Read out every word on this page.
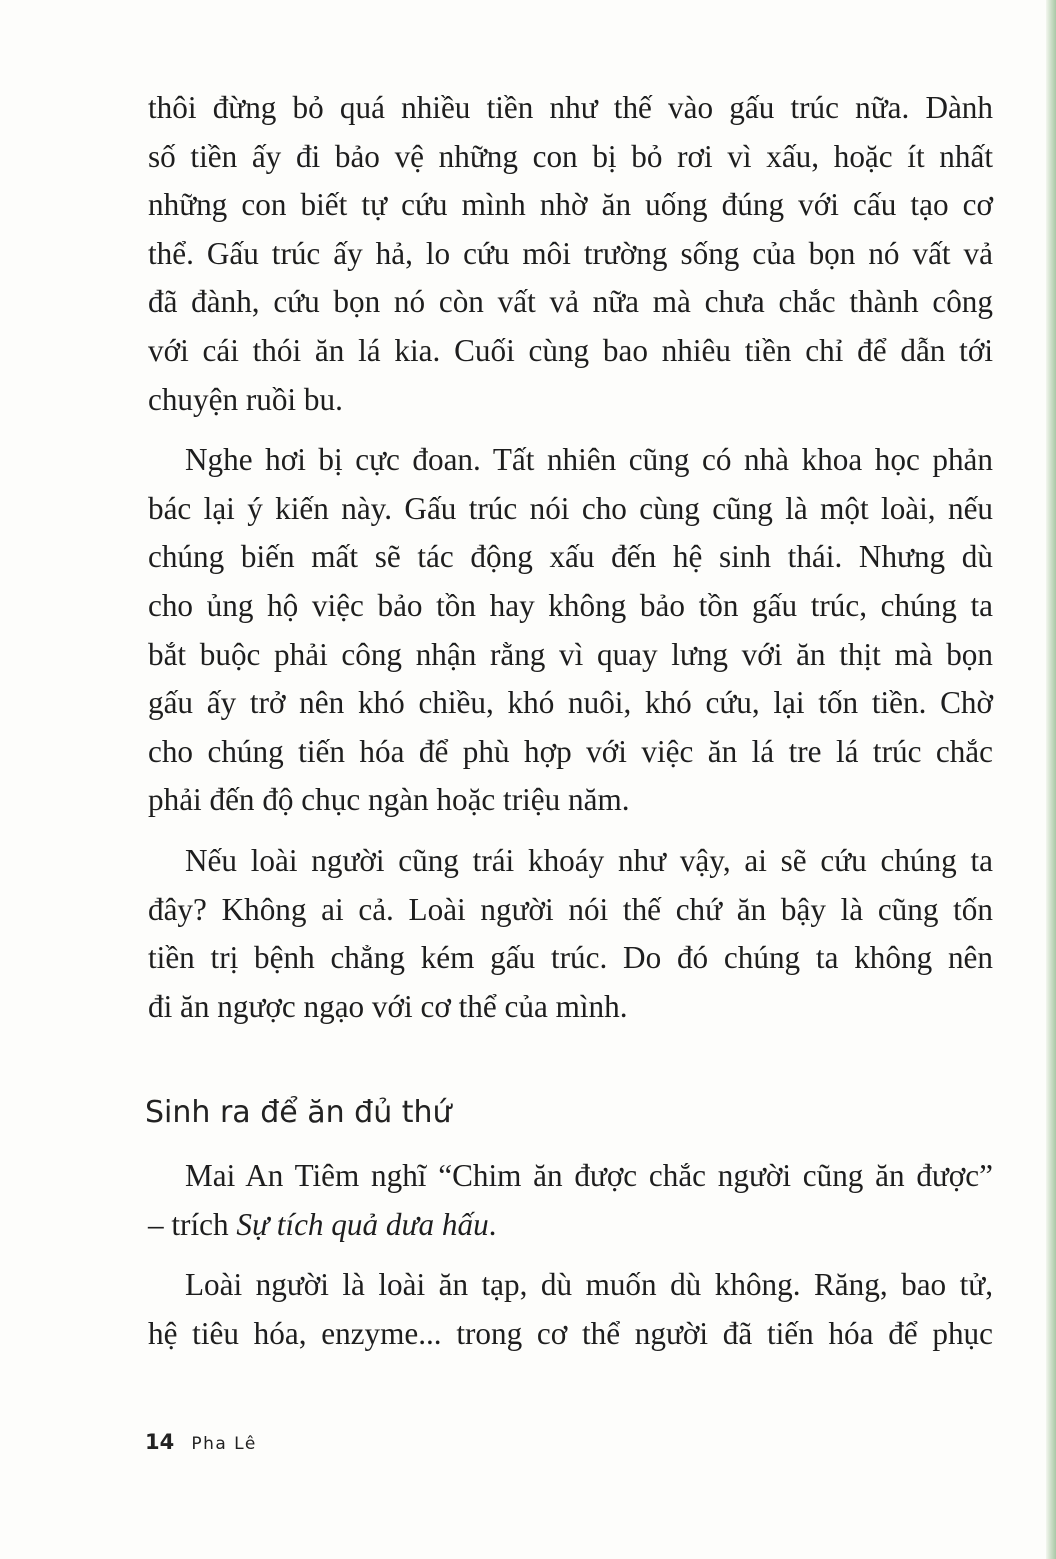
thôi đừng bỏ quá nhiều tiền như thế vào gấu trúc nữa. Dành
số tiền ấy đi bảo vệ những con bị bỏ rơi vì xấu, hoặc ít nhất
những con biết tự cứu mình nhờ ăn uống đúng với cấu tạo cơ
thể. Gấu trúc ấy hả, lo cứu môi trường sống của bọn nó vất vả
đã đành, cứu bọn nó còn vất vả nữa mà chưa chắc thành công
với cái thói ăn lá kia. Cuối cùng bao nhiêu tiền chỉ để dẫn tới
chuyện ruồi bu.
Nghe hơi bị cực đoan. Tất nhiên cũng có nhà khoa học phản
bác lại ý kiến này. Gấu trúc nói cho cùng cũng là một loài, nếu
chúng biến mất sẽ tác động xấu đến hệ sinh thái. Nhưng dù
cho ủng hộ việc bảo tồn hay không bảo tồn gấu trúc, chúng ta
bắt buộc phải công nhận rằng vì quay lưng với ăn thịt mà bọn
gấu ấy trở nên khó chiều, khó nuôi, khó cứu, lại tốn tiền. Chờ
cho chúng tiến hóa để phù hợp với việc ăn lá tre lá trúc chắc
phải đến độ chục ngàn hoặc triệu năm.
Nếu loài người cũng trái khoáy như vậy, ai sẽ cứu chúng ta
đây? Không ai cả. Loài người nói thế chứ ăn bậy là cũng tốn
tiền trị bệnh chẳng kém gấu trúc. Do đó chúng ta không nên
đi ăn ngược ngạo với cơ thể của mình.
Sinh ra để ăn đủ thứ
Mai An Tiêm nghĩ “Chim ăn được chắc người cũng ăn được”
– trích Sự tích quả dưa hấu.
Loài người là loài ăn tạp, dù muốn dù không. Răng, bao tử,
hệ tiêu hóa, enzyme... trong cơ thể người đã tiến hóa để phục
14 Pha Lê
